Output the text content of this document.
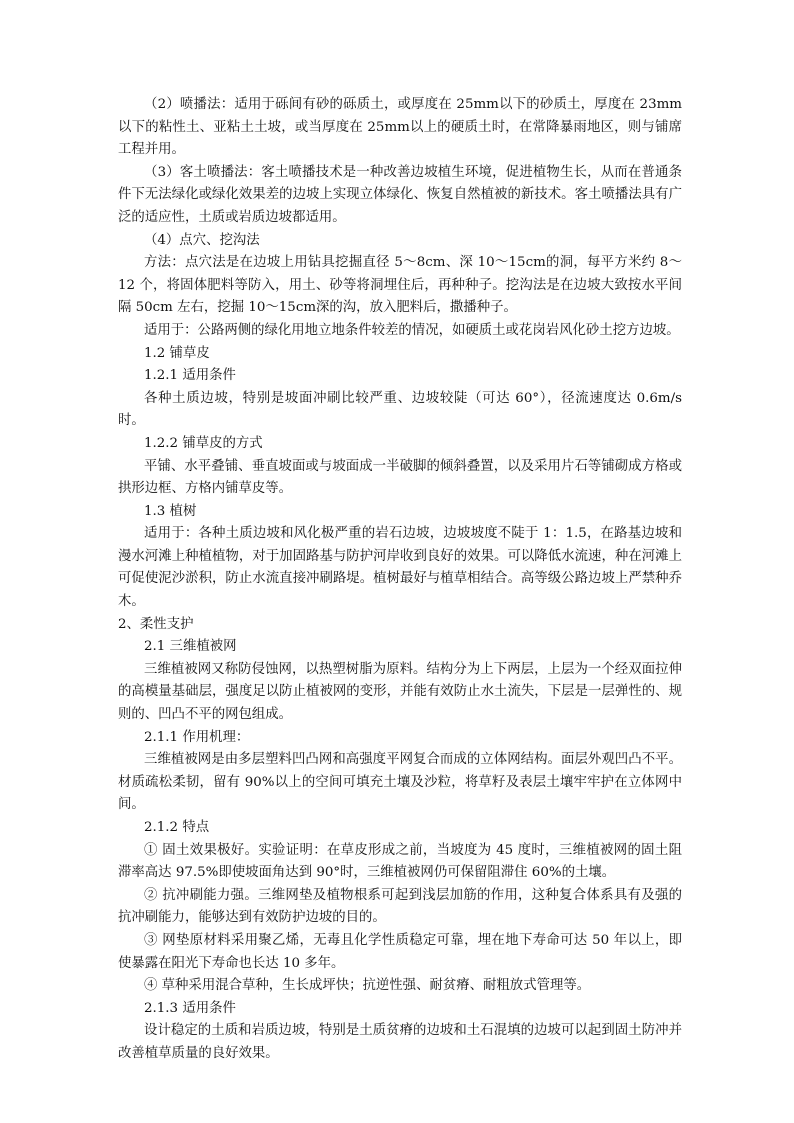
（2）喷播法：适用于砾间有砂的砾质土，或厚度在 25mm以下的砂质土，厚度在 23mm以下的粘性土、亚粘土土坡，或当厚度在 25mm以上的硬质土时，在常降暴雨地区，则与铺席工程并用。

（3）客土喷播法：客土喷播技术是一种改善边坡植生环境，促进植物生长，从而在普通条件下无法绿化或绿化效果差的边坡上实现立体绿化、恢复自然植被的新技术。客土喷播法具有广泛的适应性，土质或岩质边坡都适用。

（4）点穴、挖沟法

方法：点穴法是在边坡上用钻具挖掘直径 5～8cm、深 10～15cm的洞，每平方米约 8～12 个，将固体肥料等防入，用土、砂等将洞埋住后，再种种子。挖沟法是在边坡大致按水平间隔 50cm 左右，挖掘 10～15cm深的沟，放入肥料后，撒播种子。

适用于：公路两侧的绿化用地立地条件较差的情况，如硬质土或花岗岩风化砂土挖方边坡。

1.2 铺草皮

1.2.1 适用条件

各种土质边坡，特别是坡面冲刷比较严重、边坡较陡（可达 60°），径流速度达 0.6m/s时。

1.2.2 铺草皮的方式

平铺、水平叠铺、垂直坡面或与坡面成一半破脚的倾斜叠置，以及采用片石等铺砌成方格或拱形边框、方格内铺草皮等。

1.3 植树

适用于：各种土质边坡和风化极严重的岩石边坡，边坡坡度不陡于 1：1.5，在路基边坡和漫水河滩上种植植物，对于加固路基与防护河岸收到良好的效果。可以降低水流速，种在河滩上可促使泥沙淤积，防止水流直接冲刷路堤。植树最好与植草相结合。高等级公路边坡上严禁种乔木。

2、柔性支护

2.1 三维植被网

三维植被网又称防侵蚀网，以热塑树脂为原料。结构分为上下两层，上层为一个经双面拉伸的高模量基础层，强度足以防止植被网的变形，并能有效防止水土流失，下层是一层弹性的、规则的、凹凸不平的网包组成。

2.1.1 作用机理：

三维植被网是由多层塑料凹凸网和高强度平网复合而成的立体网结构。面层外观凹凸不平。材质疏松柔韧，留有 90%以上的空间可填充土壤及沙粒，将草籽及表层土壤牢牢护在立体网中间。

2.1.2 特点

① 固土效果极好。实验证明：在草皮形成之前，当坡度为 45 度时，三维植被网的固土阻滞率高达 97.5%即使坡面角达到 90°时，三维植被网仍可保留阻滞住 60%的土壤。

② 抗冲刷能力强。三维网垫及植物根系可起到浅层加筋的作用，这种复合体系具有及强的抗冲刷能力，能够达到有效防护边坡的目的。

③ 网垫原材料采用聚乙烯，无毒且化学性质稳定可靠，埋在地下寿命可达 50 年以上，即使暴露在阳光下寿命也长达 10 多年。

④ 草种采用混合草种，生长成坪快；抗逆性强、耐贫瘠、耐粗放式管理等。

2.1.3 适用条件

设计稳定的土质和岩质边坡，特别是土质贫瘠的边坡和土石混填的边坡可以起到固土防冲并改善植草质量的良好效果。
